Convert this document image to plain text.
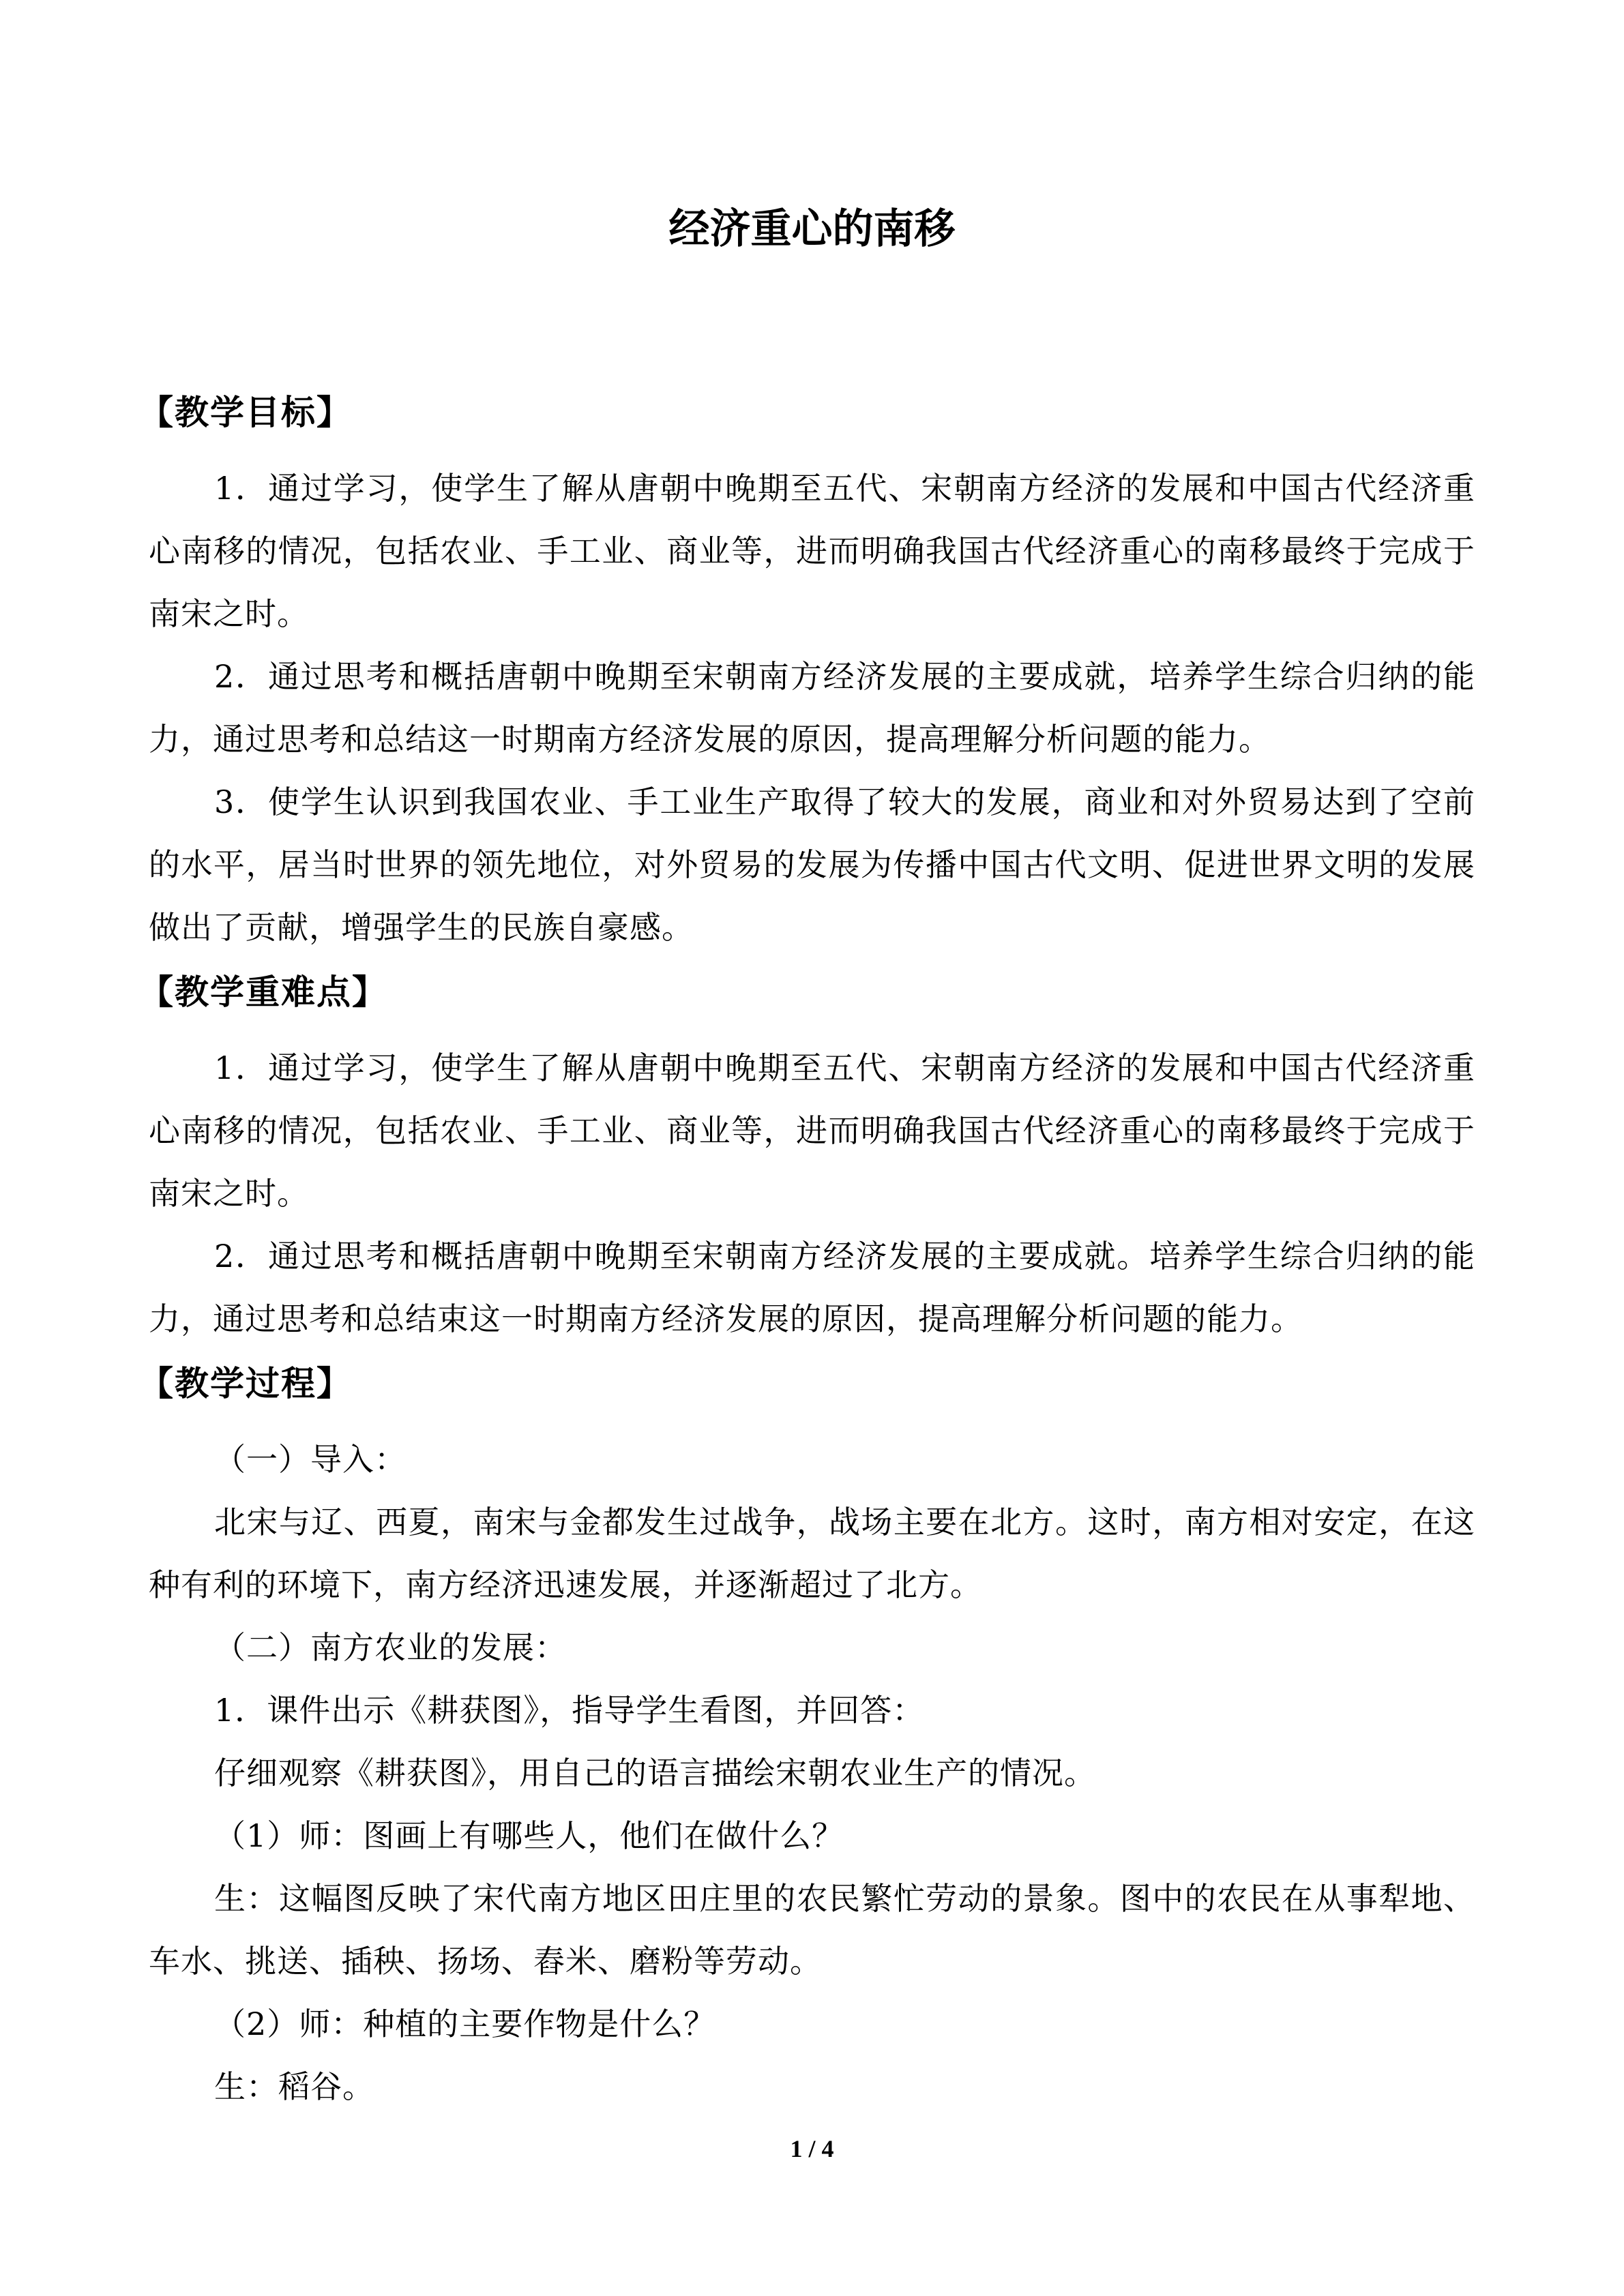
经济重心的南移
【教学目标】

1．通过学习，使学生了解从唐朝中晚期至五代、宋朝南方经济的发展和中国古代经济重心南移的情况，包括农业、手工业、商业等，进而明确我国古代经济重心的南移最终于完成于南宋之时。

2．通过思考和概括唐朝中晚期至宋朝南方经济发展的主要成就，培养学生综合归纳的能力，通过思考和总结这一时期南方经济发展的原因，提高理解分析问题的能力。

3．使学生认识到我国农业、手工业生产取得了较大的发展，商业和对外贸易达到了空前的水平，居当时世界的领先地位，对外贸易的发展为传播中国古代文明、促进世界文明的发展做出了贡献，增强学生的民族自豪感。

【教学重难点】

1．通过学习，使学生了解从唐朝中晚期至五代、宋朝南方经济的发展和中国古代经济重心南移的情况，包括农业、手工业、商业等，进而明确我国古代经济重心的南移最终于完成于南宋之时。

2．通过思考和概括唐朝中晚期至宋朝南方经济发展的主要成就。培养学生综合归纳的能力，通过思考和总结束这一时期南方经济发展的原因，提高理解分析问题的能力。

【教学过程】

（一）导入：

北宋与辽、西夏，南宋与金都发生过战争，战场主要在北方。这时，南方相对安定，在这种有利的环境下，南方经济迅速发展，并逐渐超过了北方。

（二）南方农业的发展：

1．课件出示《耕获图》，指导学生看图，并回答：

仔细观察《耕获图》，用自己的语言描绘宋朝农业生产的情况。

（1）师：图画上有哪些人，他们在做什么？

生：这幅图反映了宋代南方地区田庄里的农民繁忙劳动的景象。图中的农民在从事犁地、车水、挑送、插秧、扬场、舂米、磨粉等劳动。

（2）师：种植的主要作物是什么？

生：稻谷。

1 / 4
